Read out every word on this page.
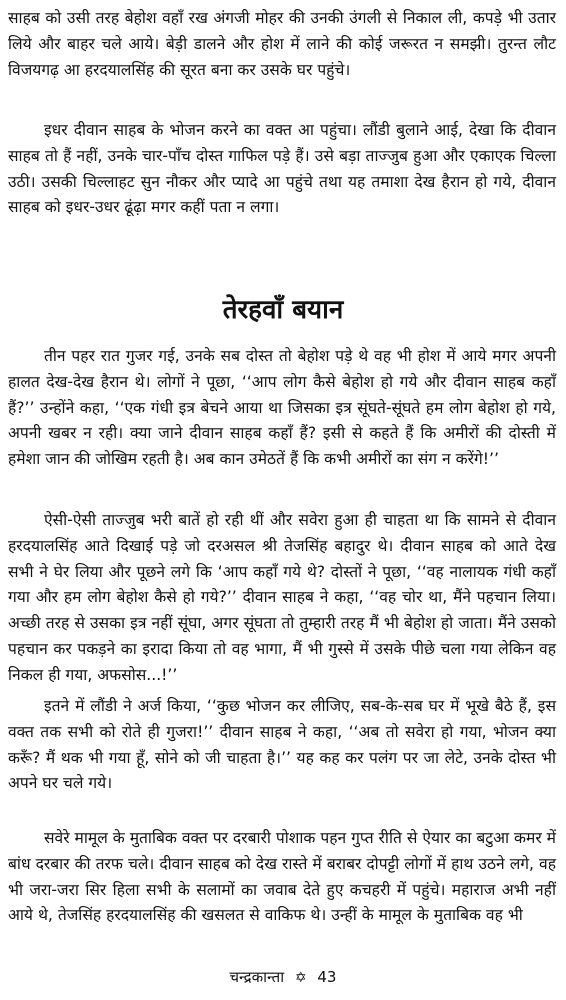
साहब को उसी तरह बेहोश वहाँ रख अंगजी मोहर की उनकी उंगली से निकाल ली, कपड़े भी उतार लिये और बाहर चले आये। बेड़ी डालने और होश में लाने की कोई जरूरत न समझी। तुरन्त लौट विजयगढ़ आ हरदयालसिंह की सूरत बना कर उसके घर पहुंचे।

इधर दीवान साहब के भोजन करने का वक्त आ पहुंचा। लौंडी बुलाने आई, देखा कि दीवान साहब तो हैं नहीं, उनके चार-पाँच दोस्त गाफिल पड़े हैं। उसे बड़ा ताज्जुब हुआ और एकाएक चिल्ला उठी। उसकी चिल्लाहट सुन नौकर और प्यादे आ पहुंचे तथा यह तमाशा देख हैरान हो गये, दीवान साहब को इधर-उधर ढूंढ़ा मगर कहीं पता न लगा।

तेरहवाँ बयान

तीन पहर रात गुजर गई, उनके सब दोस्त तो बेहोश पड़े थे वह भी होश में आये मगर अपनी हालत देख-देख हैरान थे। लोगों ने पूछा, ‘‘आप लोग कैसे बेहोश हो गये और दीवान साहब कहाँ हैं?’’ उन्होंने कहा, ‘‘एक गंधी इत्र बेचने आया था जिसका इत्र सूंघते-सूंघते हम लोग बेहोश हो गये, अपनी खबर न रही। क्या जाने दीवान साहब कहाँ हैं? इसी से कहते हैं कि अमीरों की दोस्ती में हमेशा जान की जोखिम रहती है। अब कान उमेठतें हैं कि कभी अमीरों का संग न करेंगे!’’

ऐसी-ऐसी ताज्जुब भरी बातें हो रही थीं और सवेरा हुआ ही चाहता था कि सामने से दीवान हरदयालसिंह आते दिखाई पड़े जो दरअसल श्री तेजसिंह बहादुर थे। दीवान साहब को आते देख सभी ने घेर लिया और पूछने लगे कि ‘आप कहाँ गये थे? दोस्तों ने पूछा, ‘‘वह नालायक गंधी कहाँ गया और हम लोग बेहोश कैसे हो गये?’’ दीवान साहब ने कहा, ‘‘वह चोर था, मैंने पहचान लिया। अच्छी तरह से उसका इत्र नहीं सूंघा, अगर सूंघता तो तुम्हारी तरह मैं भी बेहोश हो जाता। मैंने उसको पहचान कर पकड़ने का इरादा किया तो वह भागा, मैं भी गुस्से में उसके पीछे चला गया लेकिन वह निकल ही गया, अफसोस...!’’

इतने में लौंडी ने अर्ज किया, ‘‘कुछ भोजन कर लीजिए, सब-के-सब घर में भूखे बैठे हैं, इस वक्त तक सभी को रोते ही गुजरा!’’ दीवान साहब ने कहा, ‘‘अब तो सवेरा हो गया, भोजन क्या करूँ? मैं थक भी गया हूँ, सोने को जी चाहता है।’’ यह कह कर पलंग पर जा लेटे, उनके दोस्त भी अपने घर चले गये।

सवेरे मामूल के मुताबिक वक्त पर दरबारी पोशाक पहन गुप्त रीति से ऐयार का बटुआ कमर में बांध दरबार की तरफ चले। दीवान साहब को देख रास्ते में बराबर दोपट्टी लोगों में हाथ उठने लगे, वह भी जरा-जरा सिर हिला सभी के सलामों का जवाब देते हुए कचहरी में पहुंचे। महाराज अभी नहीं आये थे, तेजसिंह हरदयालसिंह की खसलत से वाकिफ थे। उन्हीं के मामूल के मुताबिक वह भी

चन्द्रकान्ता ✡ 43
